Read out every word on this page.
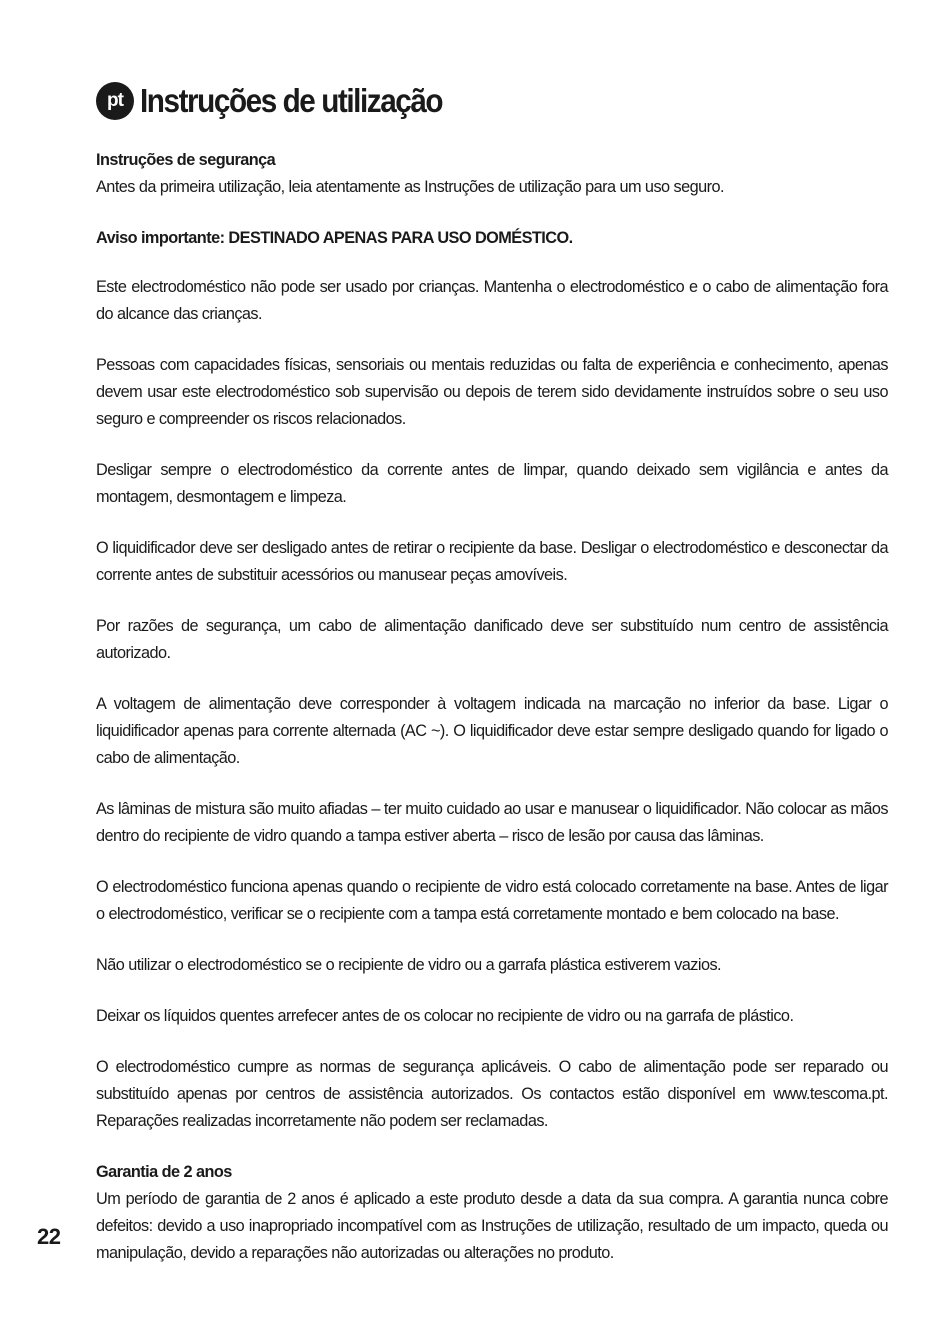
pt Instruções de utilização
Instruções de segurança

Antes da primeira utilização, leia atentamente as Instruções de utilização para um uso seguro.

Aviso importante: DESTINADO APENAS PARA USO DOMÉSTICO.

Este electrodoméstico não pode ser usado por crianças. Mantenha o electrodoméstico e o cabo de alimentação fora do alcance das crianças.

Pessoas com capacidades físicas, sensoriais ou mentais reduzidas ou falta de experiência e conhecimento, apenas devem usar este electrodoméstico sob supervisão ou depois de terem sido devidamente instruídos sobre o seu uso seguro e compreender os riscos relacionados.

Desligar sempre o electrodoméstico da corrente antes de limpar, quando deixado sem vigilância e antes da montagem, desmontagem e limpeza.

O liquidificador deve ser desligado antes de retirar o recipiente da base. Desligar o electrodoméstico e desconectar da corrente antes de substituir acessórios ou manusear peças amovíveis.

Por razões de segurança, um cabo de alimentação danificado deve ser substituído num centro de assistência autorizado.

A voltagem de alimentação deve corresponder à voltagem indicada na marcação no inferior da base. Ligar o liquidificador apenas para corrente alternada (AC ~). O liquidificador deve estar sempre desligado quando for ligado o cabo de alimentação.

As lâminas de mistura são muito afiadas – ter muito cuidado ao usar e manusear o liquidificador. Não colocar as mãos dentro do recipiente de vidro quando a tampa estiver aberta – risco de lesão por causa das lâminas.

O electrodoméstico funciona apenas quando o recipiente de vidro está colocado corretamente na base. Antes de ligar o electrodoméstico, verificar se o recipiente com a tampa está corretamente montado e bem colocado na base.

Não utilizar o electrodoméstico se o recipiente de vidro ou a garrafa plástica estiverem vazios.

Deixar os líquidos quentes arrefecer antes de os colocar no recipiente de vidro ou na garrafa de plástico.

O electrodoméstico cumpre as normas de segurança aplicáveis. O cabo de alimentação pode ser reparado ou substituído apenas por centros de assistência autorizados. Os contactos estão disponível em www.tescoma.pt. Reparações realizadas incorretamente não podem ser reclamadas.

Garantia de 2 anos

Um período de garantia de 2 anos é aplicado a este produto desde a data da sua compra. A garantia nunca cobre defeitos: devido a uso inapropriado incompatível com as Instruções de utilização, resultado de um impacto, queda ou manipulação, devido a reparações não autorizadas ou alterações no produto.

22
